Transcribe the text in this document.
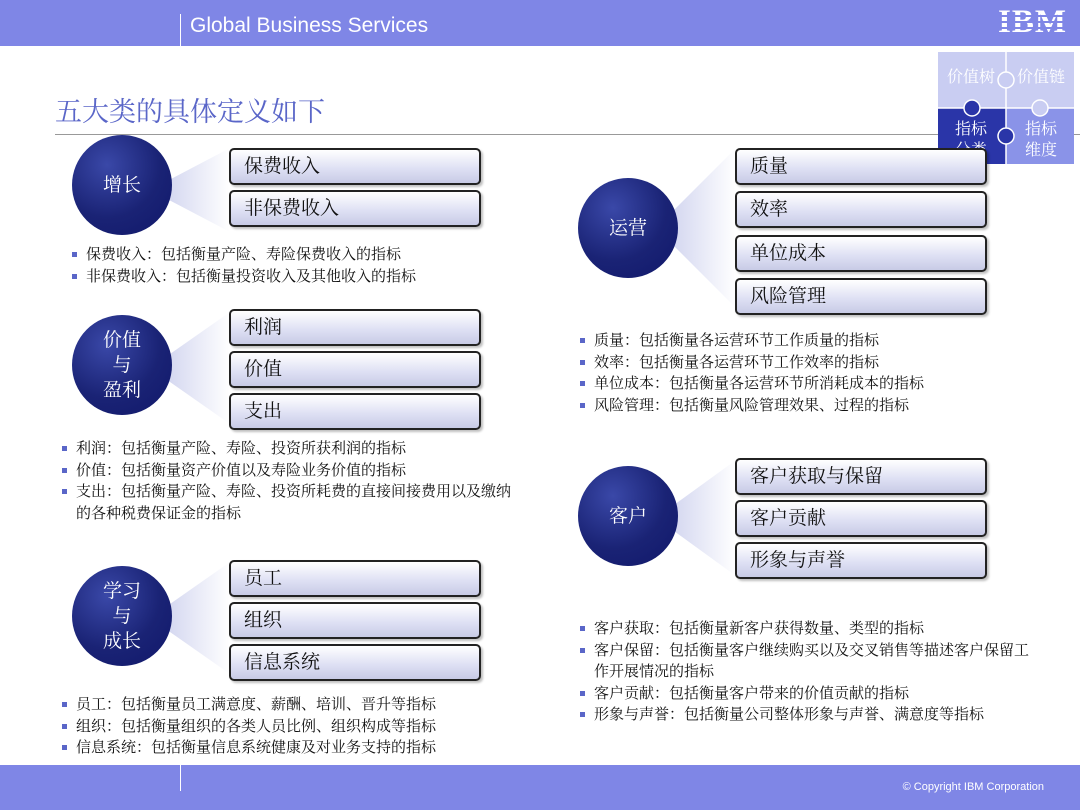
Global Business Services
五大类的具体定义如下
价值树	价值链
指标	指标
维度
增长
保费收入
非保费收入
保费收入：包括衡量产险、寿险保费收入的指标
非保费收入：包括衡量投资收入及其他收入的指标
价值
与
盈利
利润
价值
支出
利润：包括衡量产险、寿险、投资所获利润的指标
价值：包括衡量资产价值以及寿险业务价值的指标
支出：包括衡量产险、寿险、投资所耗费的直接间接费用以及缴纳的各种税费保证金的指标
学习
与
成长
员工
组织
信息系统
员工：包括衡量员工满意度、薪酬、培训、晋升等指标
组织：包括衡量组织的各类人员比例、组织构成等指标
信息系统：包括衡量信息系统健康及对业务支持的指标
运营
质量
效率
单位成本
风险管理
质量：包括衡量各运营环节工作质量的指标
效率：包括衡量各运营环节工作效率的指标
单位成本：包括衡量各运营环节所消耗成本的指标
风险管理：包括衡量风险管理效果、过程的指标
客户
客户获取与保留
客户贡献
形象与声誉
客户获取：包括衡量新客户获得数量、类型的指标
客户保留：包括衡量客户继续购买以及交叉销售等描述客户保留工作开展情况的指标
客户贡献：包括衡量客户带来的价值贡献的指标
形象与声誉：包括衡量公司整体形象与声誉、满意度等指标
© Copyright IBM Corporation
